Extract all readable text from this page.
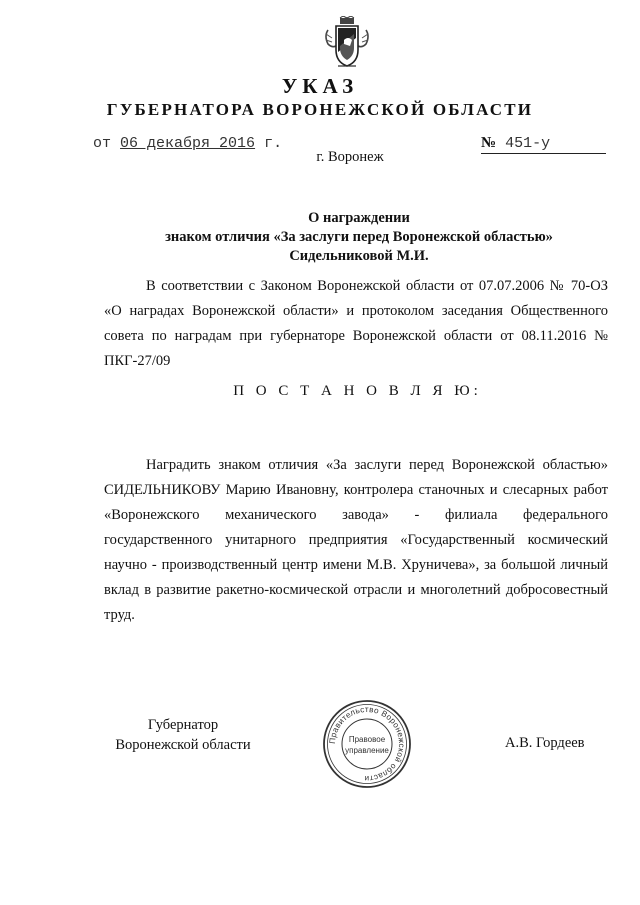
УКАЗ
ГУБЕРНАТОРА ВОРОНЕЖСКОЙ ОБЛАСТИ
от 06 декабря 2016 г.	№ 451-у
г. Воронеж
О награждении
знаком отличия «За заслуги перед Воронежской областью»
Сидельниковой М.И.
В соответствии с Законом Воронежской области от 07.07.2006 № 70-ОЗ «О наградах Воронежской области» и протоколом заседания Общественного совета по наградам при губернаторе Воронежской области от 08.11.2016 № ПКГ-27/09
П О С Т А Н О В Л Я Ю:
Наградить знаком отличия «За заслуги перед Воронежской областью» СИДЕЛЬНИКОВУ Марию Ивановну, контролера станочных и слесарных работ «Воронежского механического завода» - филиала федерального государственного унитарного предприятия «Государственный космический научно - производственный центр имени М.В. Хруничева», за большой личный вклад в развитие ракетно-космической отрасли и многолетний добросовестный труд.
Губернатор
Воронежской области	Правительство Воронежской области
Правовое
управление	А.В. Гордеев
